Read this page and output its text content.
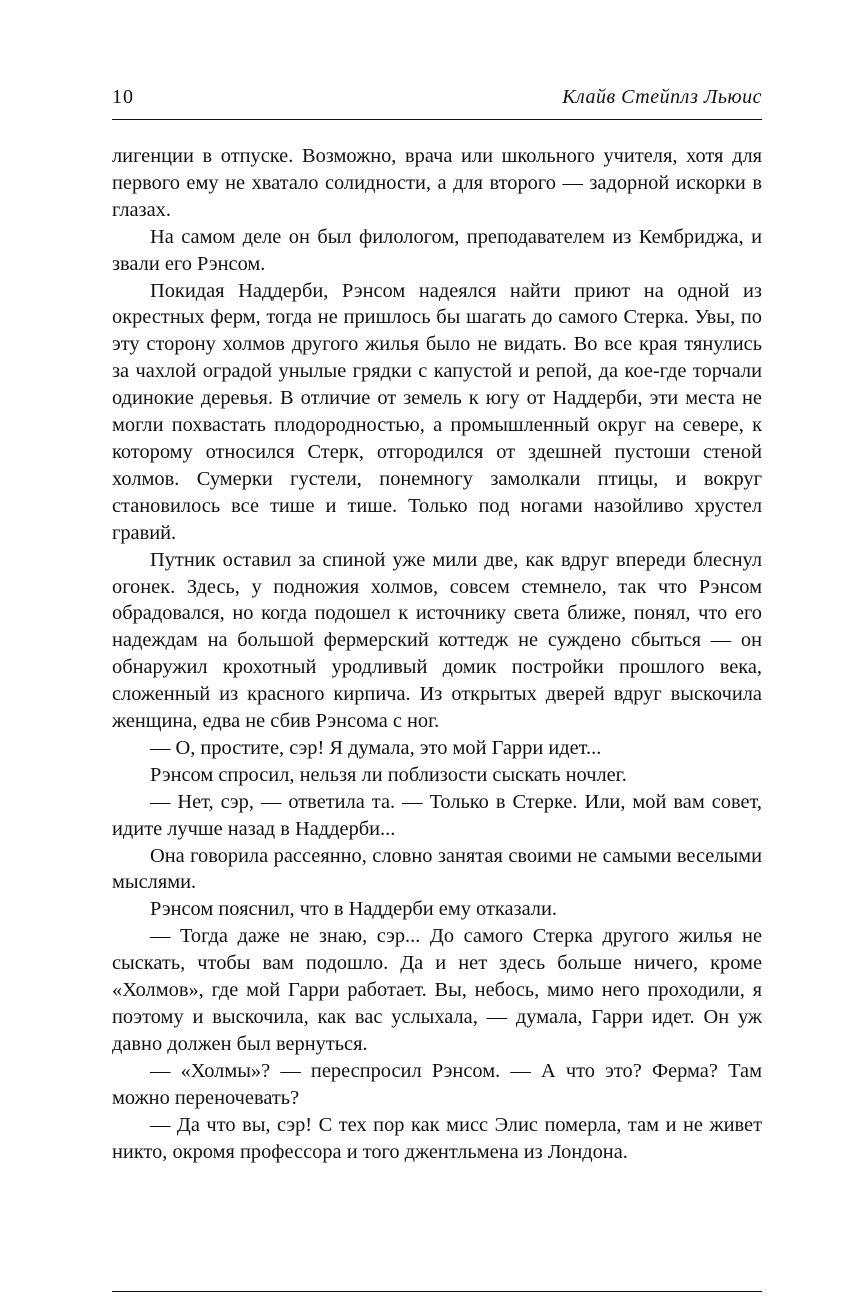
10	Клайв Стейплз Льюис

лигенции в отпуске. Возможно, врача или школьного учителя, хотя для первого ему не хватало солидности, а для второго — задорной искорки в глазах.

На самом деле он был филологом, преподавателем из Кембриджа, и звали его Рэнсом.

Покидая Наддерби, Рэнсом надеялся найти приют на одной из окрестных ферм, тогда не пришлось бы шагать до самого Стерка. Увы, по эту сторону холмов другого жилья было не видать. Во все края тянулись за чахлой оградой унылые грядки с капустой и репой, да кое-где торчали одинокие деревья. В отличие от земель к югу от Наддерби, эти места не могли похвастать плодородностью, а промышленный округ на севере, к которому относился Стерк, отгородился от здешней пустоши стеной холмов. Сумерки густели, понемногу замолкали птицы, и вокруг становилось все тише и тише. Только под ногами назойливо хрустел гравий.

Путник оставил за спиной уже мили две, как вдруг впереди блеснул огонек. Здесь, у подножия холмов, совсем стемнело, так что Рэнсом обрадовался, но когда подошел к источнику света ближе, понял, что его надеждам на большой фермерский коттедж не суждено сбыться — он обнаружил крохотный уродливый домик постройки прошлого века, сложенный из красного кирпича. Из открытых дверей вдруг выскочила женщина, едва не сбив Рэнсома с ног.

— О, простите, сэр! Я думала, это мой Гарри идет...

Рэнсом спросил, нельзя ли поблизости сыскать ночлег.

— Нет, сэр, — ответила та. — Только в Стерке. Или, мой вам совет, идите лучше назад в Наддерби...

Она говорила рассеянно, словно занятая своими не самыми веселыми мыслями.

Рэнсом пояснил, что в Наддерби ему отказали.

— Тогда даже не знаю, сэр... До самого Стерка другого жилья не сыскать, чтобы вам подошло. Да и нет здесь больше ничего, кроме «Холмов», где мой Гарри работает. Вы, небось, мимо него проходили, я поэтому и выскочила, как вас услыхала, — думала, Гарри идет. Он уж давно должен был вернуться.

— «Холмы»? — переспросил Рэнсом. — А что это? Ферма? Там можно переночевать?

— Да что вы, сэр! С тех пор как мисс Элис померла, там и не живет никто, окромя профессора и того джентльмена из Лондона.
